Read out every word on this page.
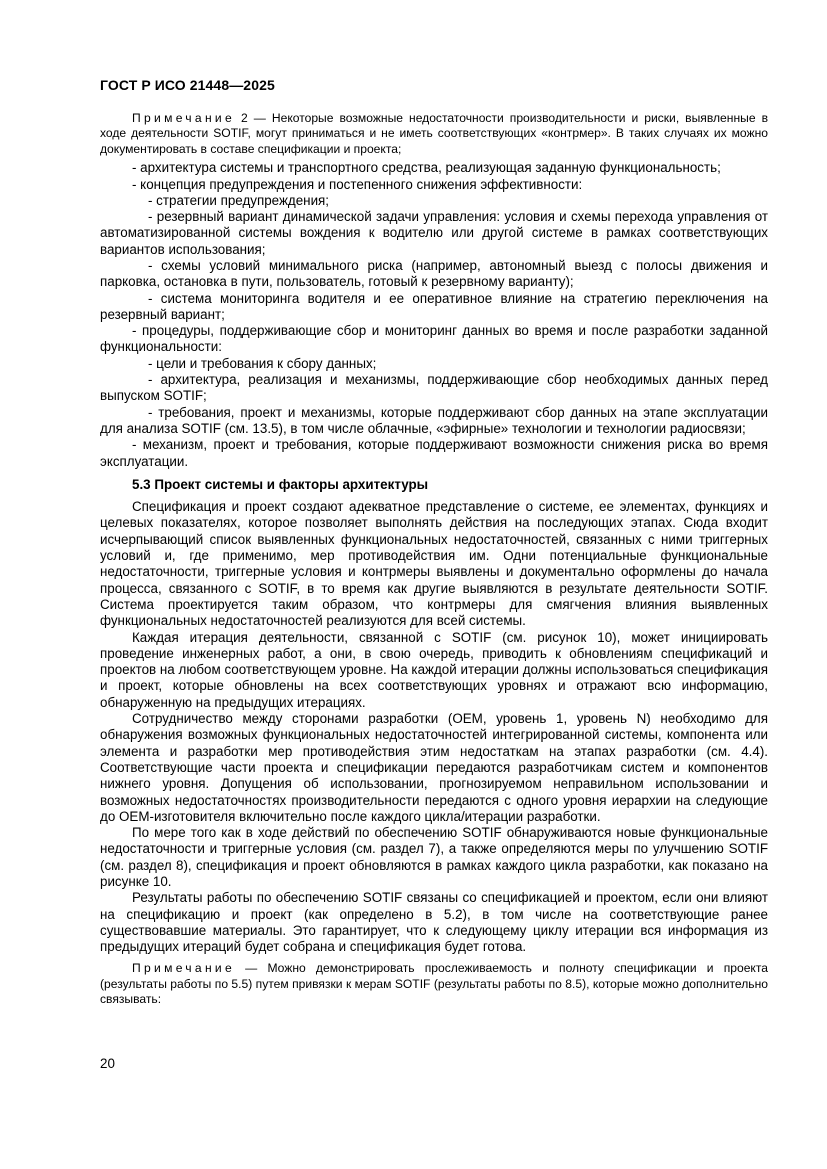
ГОСТ Р ИСО 21448—2025

Примечание 2 — Некоторые возможные недостаточности производительности и риски, выявленные в ходе деятельности SOTIF, могут приниматься и не иметь соответствующих «контрмер». В таких случаях их можно документировать в составе спецификации и проекта;

- архитектура системы и транспортного средства, реализующая заданную функциональность;

- концепция предупреждения и постепенного снижения эффективности:

- стратегии предупреждения;

- резервный вариант динамической задачи управления: условия и схемы перехода управления от автоматизированной системы вождения к водителю или другой системе в рамках соответствующих вариантов использования;

- схемы условий минимального риска (например, автономный выезд с полосы движения и парковка, остановка в пути, пользователь, готовый к резервному варианту);

- система мониторинга водителя и ее оперативное влияние на стратегию переключения на резервный вариант;

- процедуры, поддерживающие сбор и мониторинг данных во время и после разработки заданной функциональности:

- цели и требования к сбору данных;

- архитектура, реализация и механизмы, поддерживающие сбор необходимых данных перед выпуском SOTIF;

- требования, проект и механизмы, которые поддерживают сбор данных на этапе эксплуатации для анализа SOTIF (см. 13.5), в том числе облачные, «эфирные» технологии и технологии радиосвязи;

- механизм, проект и требования, которые поддерживают возможности снижения риска во время эксплуатации.

5.3 Проект системы и факторы архитектуры

Спецификация и проект создают адекватное представление о системе, ее элементах, функциях и целевых показателях, которое позволяет выполнять действия на последующих этапах. Сюда входит исчерпывающий список выявленных функциональных недостаточностей, связанных с ними триггерных условий и, где применимо, мер противодействия им. Одни потенциальные функциональные недостаточности, триггерные условия и контрмеры выявлены и документально оформлены до начала процесса, связанного с SOTIF, в то время как другие выявляются в результате деятельности SOTIF. Система проектируется таким образом, что контрмеры для смягчения влияния выявленных функциональных недостаточностей реализуются для всей системы.

Каждая итерация деятельности, связанной с SOTIF (см. рисунок 10), может инициировать проведение инженерных работ, а они, в свою очередь, приводить к обновлениям спецификаций и проектов на любом соответствующем уровне. На каждой итерации должны использоваться спецификация и проект, которые обновлены на всех соответствующих уровнях и отражают всю информацию, обнаруженную на предыдущих итерациях.

Сотрудничество между сторонами разработки (OEM, уровень 1, уровень N) необходимо для обнаружения возможных функциональных недостаточностей интегрированной системы, компонента или элемента и разработки мер противодействия этим недостаткам на этапах разработки (см. 4.4). Соответствующие части проекта и спецификации передаются разработчикам систем и компонентов нижнего уровня. Допущения об использовании, прогнозируемом неправильном использовании и возможных недостаточностях производительности передаются с одного уровня иерархии на следующие до OEM-изготовителя включительно после каждого цикла/итерации разработки.

По мере того как в ходе действий по обеспечению SOTIF обнаруживаются новые функциональные недостаточности и триггерные условия (см. раздел 7), а также определяются меры по улучшению SOTIF (см. раздел 8), спецификация и проект обновляются в рамках каждого цикла разработки, как показано на рисунке 10.

Результаты работы по обеспечению SOTIF связаны со спецификацией и проектом, если они влияют на спецификацию и проект (как определено в 5.2), в том числе на соответствующие ранее существовавшие материалы. Это гарантирует, что к следующему циклу итерации вся информация из предыдущих итераций будет собрана и спецификация будет готова.

Примечание — Можно демонстрировать прослеживаемость и полноту спецификации и проекта (результаты работы по 5.5) путем привязки к мерам SOTIF (результаты работы по 8.5), которые можно дополнительно связывать:

20
